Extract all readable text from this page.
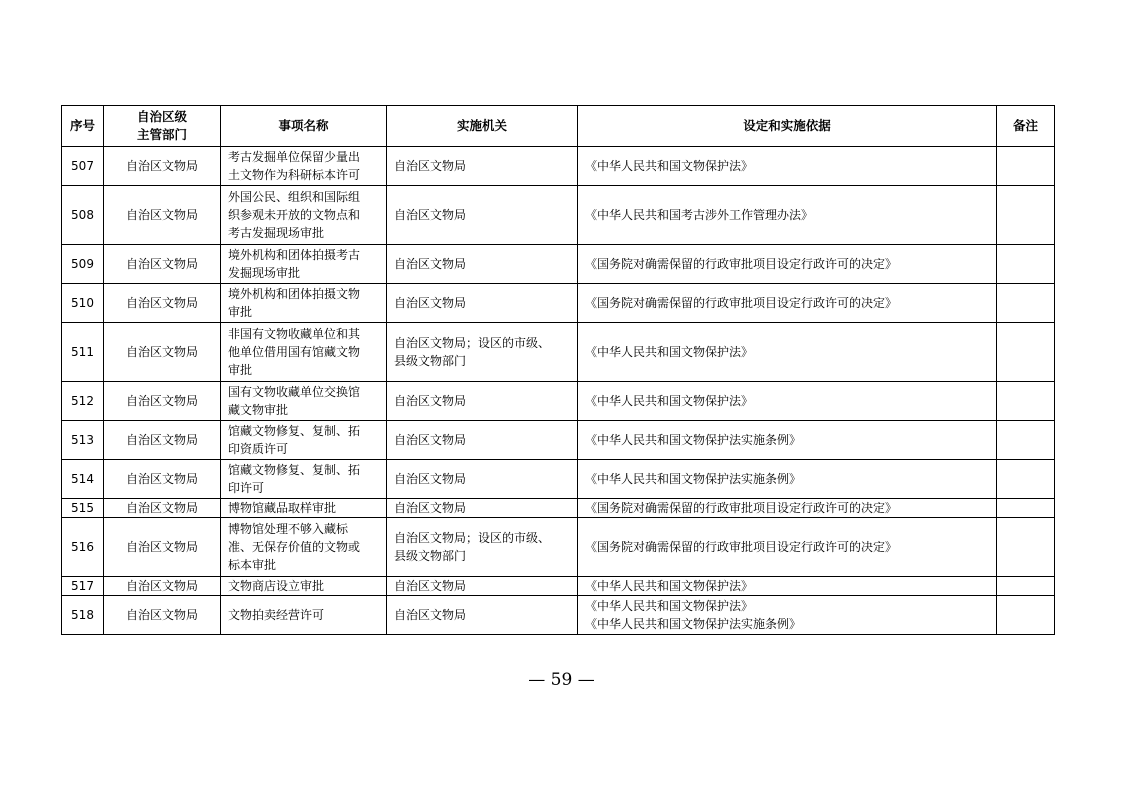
序号	自治区级
主管部门	事项名称	实施机关	设定和实施依据	备注
507	自治区文物局	考古发掘单位保留少量出
土文物作为科研标本许可	自治区文物局	《中华人民共和国文物保护法》	

508	自治区文物局	外国公民、组织和国际组
织参观未开放的文物点和
考古发掘现场审批	自治区文物局	《中华人民共和国考古涉外工作管理办法》	

509	自治区文物局	境外机构和团体拍摄考古
发掘现场审批	自治区文物局	《国务院对确需保留的行政审批项目设定行政许可的决定》	

510	自治区文物局	境外机构和团体拍摄文物
审批	自治区文物局	《国务院对确需保留的行政审批项目设定行政许可的决定》	

511	自治区文物局	非国有文物收藏单位和其
他单位借用国有馆藏文物
审批	自治区文物局；设区的市级、
县级文物部门	《中华人民共和国文物保护法》	

512	自治区文物局	国有文物收藏单位交换馆
藏文物审批	自治区文物局	《中华人民共和国文物保护法》	

513	自治区文物局	馆藏文物修复、复制、拓
印资质许可	自治区文物局	《中华人民共和国文物保护法实施条例》	

514	自治区文物局	馆藏文物修复、复制、拓
印许可	自治区文物局	《中华人民共和国文物保护法实施条例》	

515	自治区文物局	博物馆藏品取样审批	自治区文物局	《国务院对确需保留的行政审批项目设定行政许可的决定》	

516	自治区文物局	博物馆处理不够入藏标
准、无保存价值的文物或
标本审批	自治区文物局；设区的市级、
县级文物部门	《国务院对确需保留的行政审批项目设定行政许可的决定》	

517	自治区文物局	文物商店设立审批	自治区文物局	《中华人民共和国文物保护法》	

518	自治区文物局	文物拍卖经营许可	自治区文物局	《中华人民共和国文物保护法》
《中华人民共和国文物保护法实施条例》	

— 59 —
